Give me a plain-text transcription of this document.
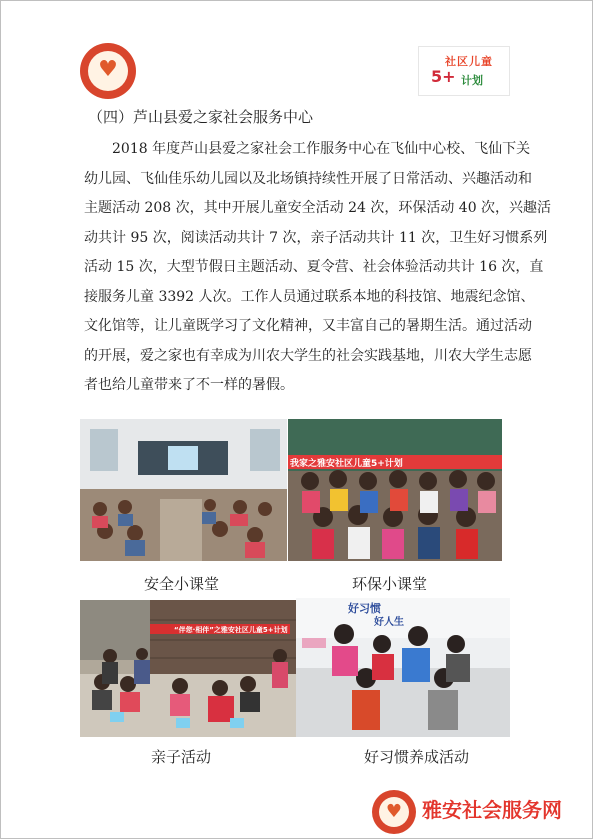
♥	社区儿童
5+ 计划
（四）芦山县爱之家社会服务中心
　　2018 年度芦山县爱之家社会工作服务中心在飞仙中心校、飞仙下关
幼儿园、飞仙佳乐幼儿园以及北场镇持续性开展了日常活动、兴趣活动和
主题活动 208 次，其中开展儿童安全活动 24 次，环保活动 40 次，兴趣活
动共计 95 次，阅读活动共计 7 次，亲子活动共计 11 次，卫生好习惯系列
活动 15 次，大型节假日主题活动、夏令营、社会体验活动共计 16 次，直
接服务儿童 3392 人次。工作人员通过联系本地的科技馆、地震纪念馆、
文化馆等，让儿童既学习了文化精神，又丰富自己的暑期生活。通过活动
的开展，爱之家也有幸成为川农大学生的社会实践基地，川农大学生志愿
者也给儿童带来了不一样的暑假。
我家之雅安社区儿童5+计划
安全小课堂	环保小课堂
“伴您·相伴”之雅安社区儿童5+计划
好习惯
好人生
亲子活动	好习惯养成活动
♥ 雅安社会服务网
